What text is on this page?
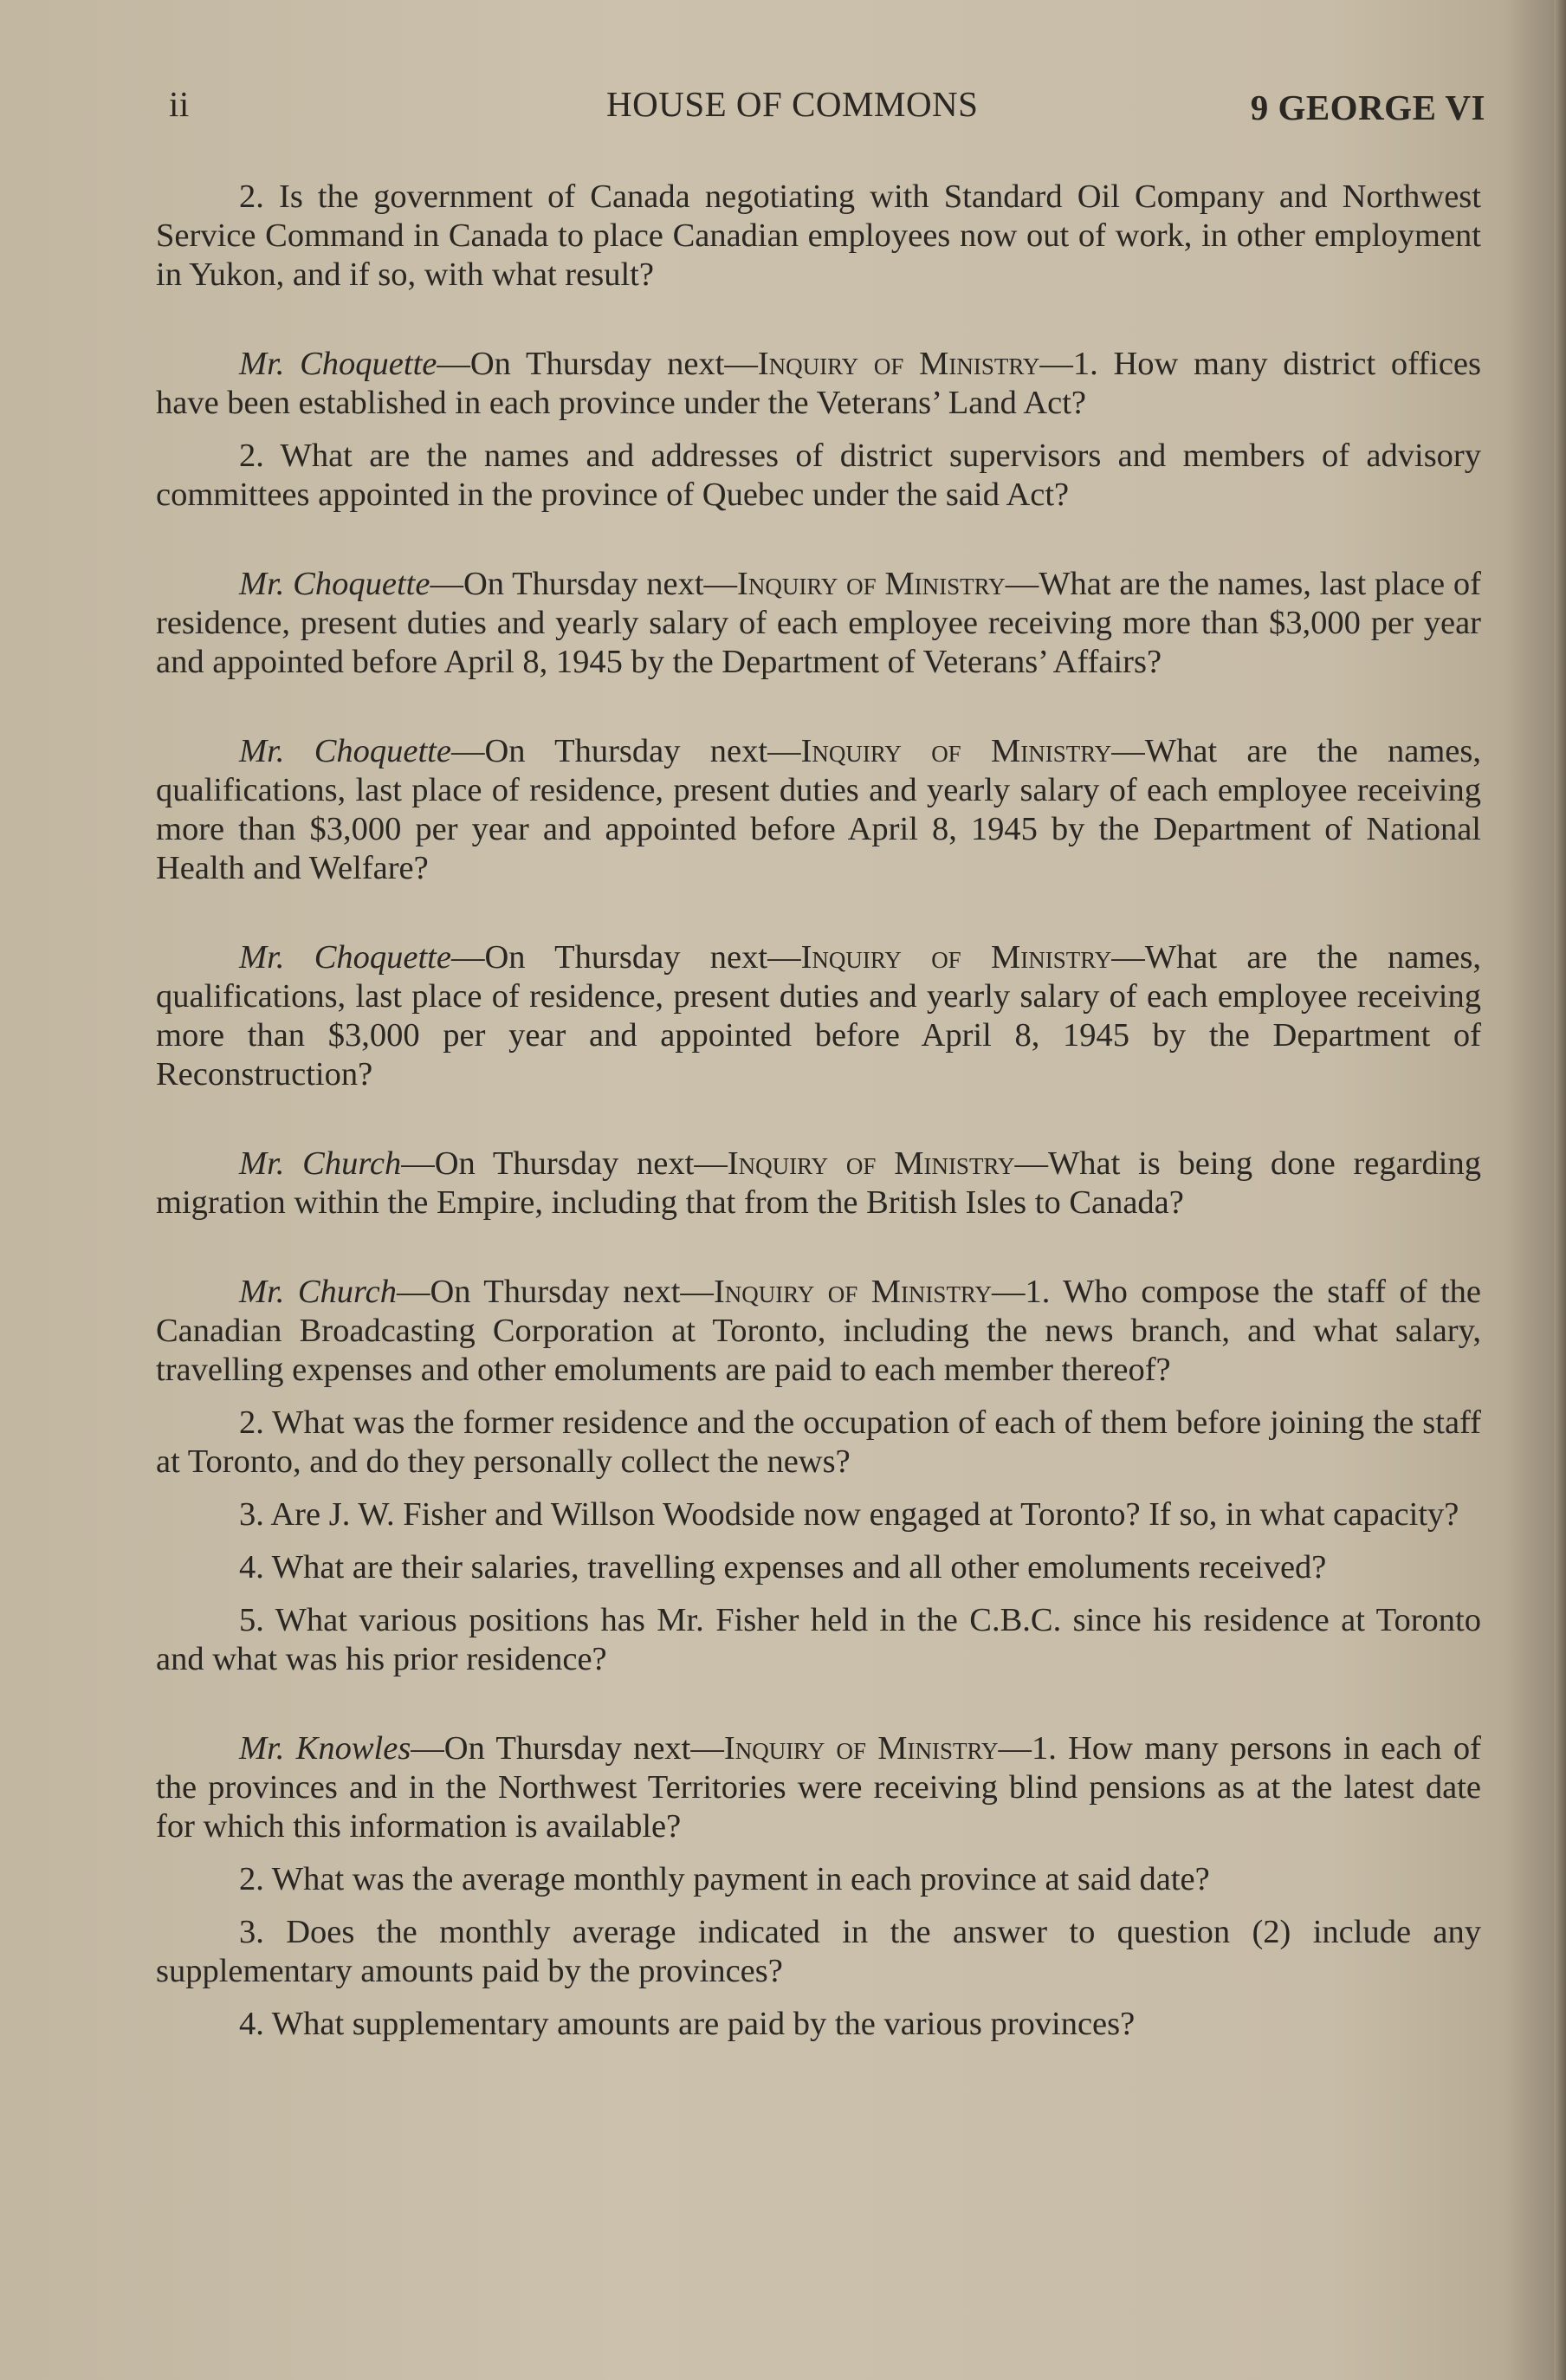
ii	HOUSE OF COMMONS	9 GEORGE VI

2. Is the government of Canada negotiating with Standard Oil Company and Northwest Service Command in Canada to place Canadian employees now out of work, in other employment in Yukon, and if so, with what result?

Mr. Choquette—On Thursday next—Inquiry of Ministry—1. How many district offices have been established in each province under the Veterans’ Land Act?

2. What are the names and addresses of district supervisors and members of advisory committees appointed in the province of Quebec under the said Act?

Mr. Choquette—On Thursday next—Inquiry of Ministry—What are the names, last place of residence, present duties and yearly salary of each employee receiving more than $3,000 per year and appointed before April 8, 1945 by the Department of Veterans’ Affairs?

Mr. Choquette—On Thursday next—Inquiry of Ministry—What are the names, qualifications, last place of residence, present duties and yearly salary of each employee receiving more than $3,000 per year and appointed before April 8, 1945 by the Department of National Health and Welfare?

Mr. Choquette—On Thursday next—Inquiry of Ministry—What are the names, qualifications, last place of residence, present duties and yearly salary of each employee receiving more than $3,000 per year and appointed before April 8, 1945 by the Department of Reconstruction?

Mr. Church—On Thursday next—Inquiry of Ministry—What is being done regarding migration within the Empire, including that from the British Isles to Canada?

Mr. Church—On Thursday next—Inquiry of Ministry—1. Who compose the staff of the Canadian Broadcasting Corporation at Toronto, including the news branch, and what salary, travelling expenses and other emoluments are paid to each member thereof?

2. What was the former residence and the occupation of each of them before joining the staff at Toronto, and do they personally collect the news?

3. Are J. W. Fisher and Willson Woodside now engaged at Toronto? If so, in what capacity?

4. What are their salaries, travelling expenses and all other emoluments received?

5. What various positions has Mr. Fisher held in the C.B.C. since his residence at Toronto and what was his prior residence?

Mr. Knowles—On Thursday next—Inquiry of Ministry—1. How many persons in each of the provinces and in the Northwest Territories were receiving blind pensions as at the latest date for which this information is available?

2. What was the average monthly payment in each province at said date?

3. Does the monthly average indicated in the answer to question (2) include any supplementary amounts paid by the provinces?

4. What supplementary amounts are paid by the various provinces?
